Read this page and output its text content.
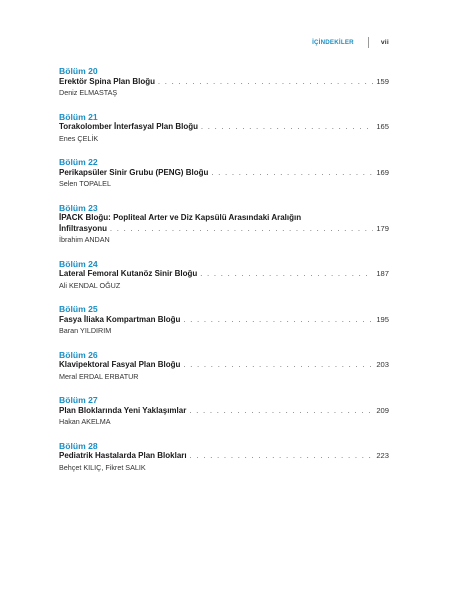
İÇİNDEKİLER	vii
Bölüm 20
Erektör Spina Plan Bloğu . . .	159
Deniz ELMASTAŞ
Bölüm 21
Torakolomber İnterfasyal Plan Bloğu . . .	165
Enes ÇELİK
Bölüm 22
Perikapsüler Sinir Grubu (PENG) Bloğu . . .	169
Selen TOPALEL
Bölüm 23
İPACK Bloğu: Popliteal Arter ve Diz Kapsülü Arasındaki Aralığın
İnfiltrasyonu . . .	179
İbrahim ANDAN
Bölüm 24
Lateral Femoral Kutanöz Sinir Bloğu . . .	187
Ali KENDAL OĞUZ
Bölüm 25
Fasya İliaka Kompartman Bloğu . . .	195
Baran YILDIRIM
Bölüm 26
Klavipektoral Fasyal Plan Bloğu . . .	203
Meral ERDAL ERBATUR
Bölüm 27
Plan Bloklarında Yeni Yaklaşımlar . . .	209
Hakan AKELMA
Bölüm 28
Pediatrik Hastalarda Plan Blokları . . .	223
Behçet KILIÇ, Fikret SALIK
